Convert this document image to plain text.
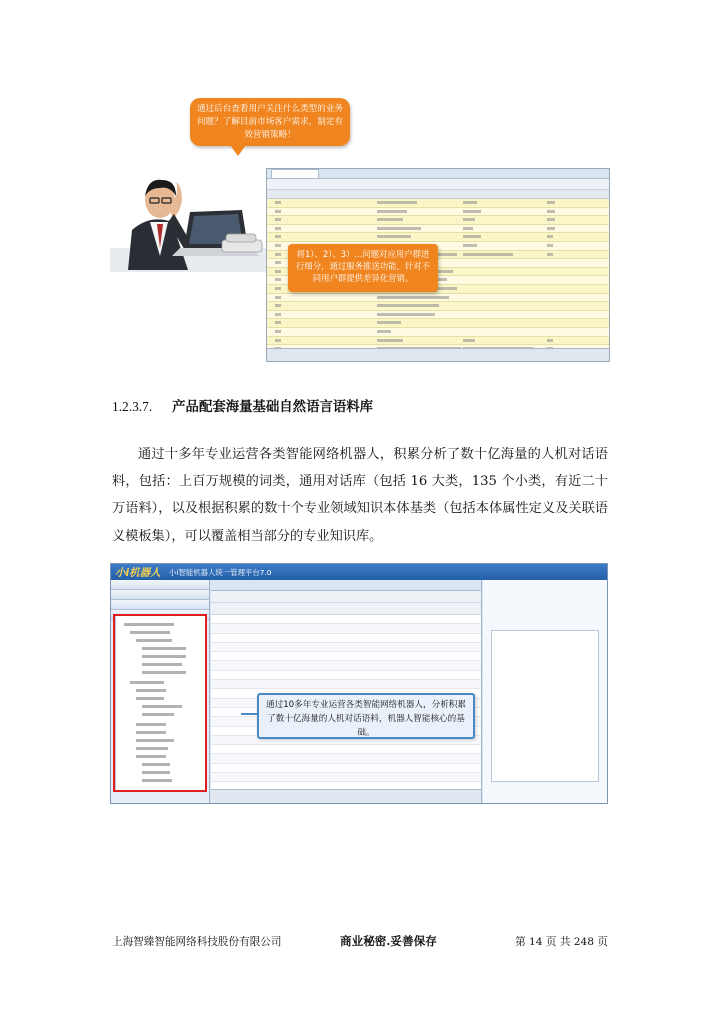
通过后台查看用户关注什么类型的业务问题？了解目前市场客户需求，制定有效营销策略！
将1）、2）、3）...问题对应用户群进行细分，通过服务推送功能，针对不同用户群提供差异化营销。
1.2.3.7. 产品配套海量基础自然语言语料库

通过十多年专业运营各类智能网络机器人，积累分析了数十亿海量的人机对话语料，包括：上百万规模的词类，通用对话库（包括 16 大类，135 个小类，有近二十万语料），以及根据积累的数十个专业领域知识本体基类（包括本体属性定义及关联语义模板集），可以覆盖相当部分的专业知识库。

小i机器人 小i智能机器人统一管理平台7.0
通过10多年专业运营各类智能网络机器人，分析积累了数十亿海量的人机对话语料，机器人智能核心的基础。
上海智臻智能网络科技股份有限公司	商业秘密.妥善保存	第 14 页 共 248 页
